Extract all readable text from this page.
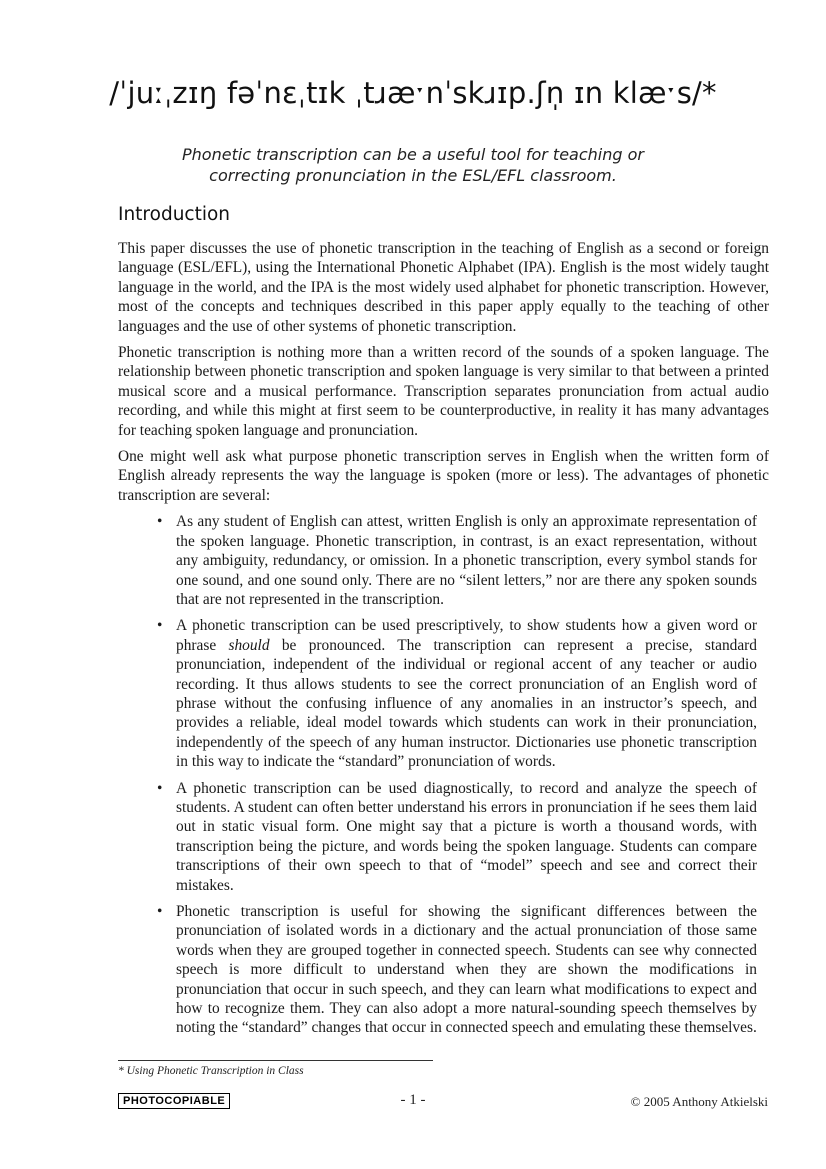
/ˈjuːˌzɪŋ fəˈnɛˌtɪk ˌtɹæˑnˈskɹɪp.ʃn̩ ɪn klæˑs/*
Phonetic transcription can be a useful tool for teaching or
correcting pronunciation in the ESL/EFL classroom.
Introduction

This paper discusses the use of phonetic transcription in the teaching of English as a second or foreign language (ESL/EFL), using the International Phonetic Alphabet (IPA). English is the most widely taught language in the world, and the IPA is the most widely used alphabet for phonetic transcription. However, most of the concepts and techniques described in this paper apply equally to the teaching of other languages and the use of other systems of phonetic transcription.

Phonetic transcription is nothing more than a written record of the sounds of a spoken language. The relationship between phonetic transcription and spoken language is very similar to that between a printed musical score and a musical performance. Transcription separates pronunciation from actual audio recording, and while this might at first seem to be counterproductive, in reality it has many advantages for teaching spoken language and pronunciation.

One might well ask what purpose phonetic transcription serves in English when the written form of English already represents the way the language is spoken (more or less). The advantages of phonetic transcription are several:

• As any student of English can attest, written English is only an approximate representation of the spoken language. Phonetic transcription, in contrast, is an exact representation, without any ambiguity, redundancy, or omission. In a phonetic transcription, every symbol stands for one sound, and one sound only. There are no “silent letters,” nor are there any spoken sounds that are not represented in the transcription.
• A phonetic transcription can be used prescriptively, to show students how a given word or phrase should be pronounced. The transcription can represent a precise, standard pronunciation, independent of the individual or regional accent of any teacher or audio recording. It thus allows students to see the correct pronunciation of an English word of phrase without the confusing influence of any anomalies in an instructor’s speech, and provides a reliable, ideal model towards which students can work in their pronunciation, independently of the speech of any human instructor. Dictionaries use phonetic transcription in this way to indicate the “standard” pronunciation of words.
• A phonetic transcription can be used diagnostically, to record and analyze the speech of students. A student can often better understand his errors in pronunciation if he sees them laid out in static visual form. One might say that a picture is worth a thousand words, with transcription being the picture, and words being the spoken language. Students can compare transcriptions of their own speech to that of “model” speech and see and correct their mistakes.
• Phonetic transcription is useful for showing the significant differences between the pronunciation of isolated words in a dictionary and the actual pronunciation of those same words when they are grouped together in connected speech. Students can see why connected speech is more difficult to understand when they are shown the modifications in pronunciation that occur in such speech, and they can learn what modifications to expect and how to recognize them. They can also adopt a more natural-sounding speech themselves by noting the “standard” changes that occur in connected speech and emulating these themselves.
* Using Phonetic Transcription in Class
PHOTOCOPIABLE	- 1 -	© 2005 Anthony Atkielski
